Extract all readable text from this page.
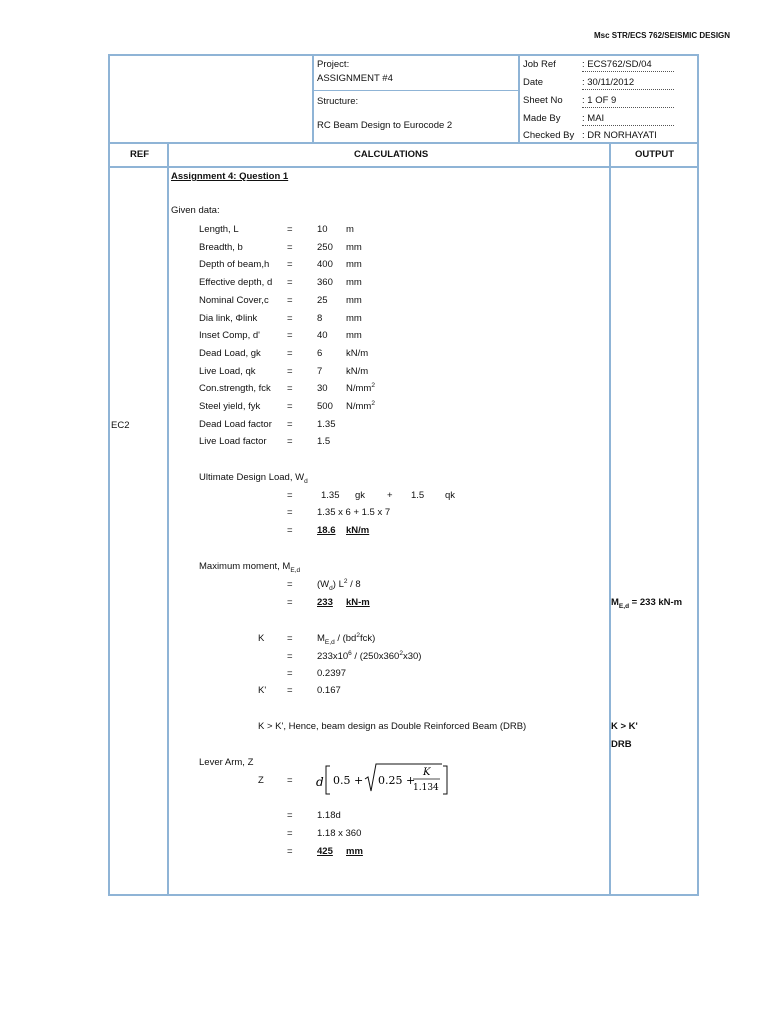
Msc STR/ECS 762/SEISMIC DESIGN
Project:
ASSIGNMENT #4
Structure:
RC Beam Design to Eurocode 2
Job Ref	: ECS762/SD/04
Date	: 30/11/2012
Sheet No : 1 OF 9
Made By : MAI
Checked By : DR NORHAYATI
REF	CALCULATIONS	OUTPUT
EC2
Assignment 4: Question 1
Given data:
Length, L	=	10 m
Breadth, b	=	250 mm
Depth of beam,h =	400 mm
Effective depth, d =	360 mm
Nominal Cover,c =	25 mm
Dia link, Φlink	=	8 mm
Inset Comp, d'	=	40 mm
Dead Load, gk	=	6 kN/m
Live Load, qk	=	7 kN/m
Con.strength, fck =	30 $N/mm^2$
Steel yield, fyk	=	500 $N/mm^2$
Dead Load factor =	1.35
Live Load factor =	1.5
Ultimate Design Load, $W_d$
=	1.35 gk + 1.5 qk
=	1.35 x 6 + 1.5 x 7
=	18.6 kN/m
Maximum moment, $M_{E,d}$
=	$(W_d)$ $L^2 / 8$
=	233 kN-m
K =	$M_{E,d} / (bd^2fck)$
=	$233x10^6 / (250x360^2x30)$
=	0.2397
K' =	0.167
K > K', Hence, beam design as Double Reinforced Beam (DRB)
Lever Arm, Z
Z = d 0.5 + 0.25 +
K
1.134
=	1.18d
=	1.18 x 360
=	425 mm
$M_{E,d} = 233$ kN-m
K > K'
DRB
